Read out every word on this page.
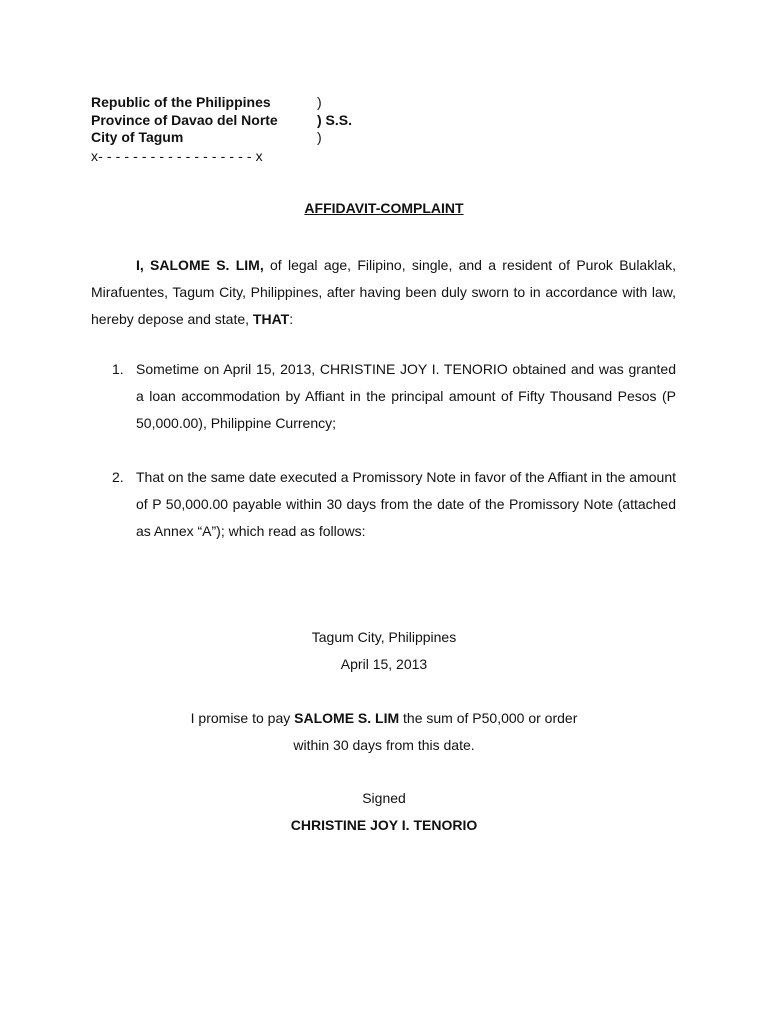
Republic of the Philippines	)
Province of Davao del Norte	) S.S.
City of Tagum	)
x- - - - - - - - - - - - - - - - - - x
AFFIDAVIT-COMPLAINT
I, SALOME S. LIM, of legal age, Filipino, single, and a resident of Purok Bulaklak, Mirafuentes, Tagum City, Philippines, after having been duly sworn to in accordance with law, hereby depose and state, THAT:
1. Sometime on April 15, 2013, CHRISTINE JOY I. TENORIO obtained and was granted a loan accommodation by Affiant in the principal amount of Fifty Thousand Pesos (P 50,000.00), Philippine Currency;
2. That on the same date executed a Promissory Note in favor of the Affiant in the amount of P 50,000.00 payable within 30 days from the date of the Promissory Note (attached as Annex “A”); which read as follows:
Tagum City, Philippines
April 15, 2013
I promise to pay SALOME S. LIM the sum of P50,000 or order
within 30 days from this date.
Signed
CHRISTINE JOY I. TENORIO
